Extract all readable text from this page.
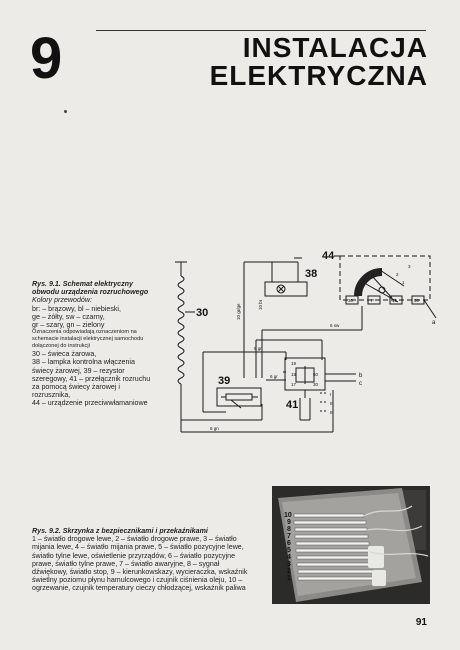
9	INSTALACJA
ELEKTRYCZNA
Rys. 9.1. Schemat elektryczny obwodu urządzenia rozruchowego
Kolory przewodów:
br: – brązowy, bl – niebieski,
ge – żółty, sw – czarny,
gr – szary, gn – zielony
Oznaczenia odpowiadają oznaczeniom na schemacie instalacji elektrycznej samochodu dołączonej do instrukcji
30 – świeca żarowa,
38 – lampka kontrolna włączenia świecy żarowej, 39 – rezystor szeregowy, 41 – przełącznik rozruchu za pomocą świecy żarowej i rozrusznika,
44 – urządzenie przeciwwłamaniowe
30
38
39
41
44
6 sw
6 gr
6 gr
6 gn
10 gr/ge	10 br
19
15	50
17	30
30	P	15	50
1
2
3
a
b
c
I
II
III
10
9
8
7
6
5
4
3
2
1
Rys. 9.2. Skrzynka z bezpiecznikami i przekaźnikami
1 – światło drogowe lewe, 2 – światło drogowe prawe, 3 – światło mijania lewe, 4 – światło mijania prawe, 5 – światło pozycyjne lewe, światło tylne lewe, oświetlenie przyrządów, 6 – światło pozycyjne prawe, światło tylne prawe, 7 – światło awaryjne, 8 – sygnał dźwiękowy, światło stop, 9 – kierunkowskazy, wycieraczka, wskaźnik świetlny poziomu płynu hamulcowego i czujnik ciśnienia oleju, 10 – ogrzewanie, czujnik temperatury cieczy chłodzącej, wskaźnik paliwa
91
